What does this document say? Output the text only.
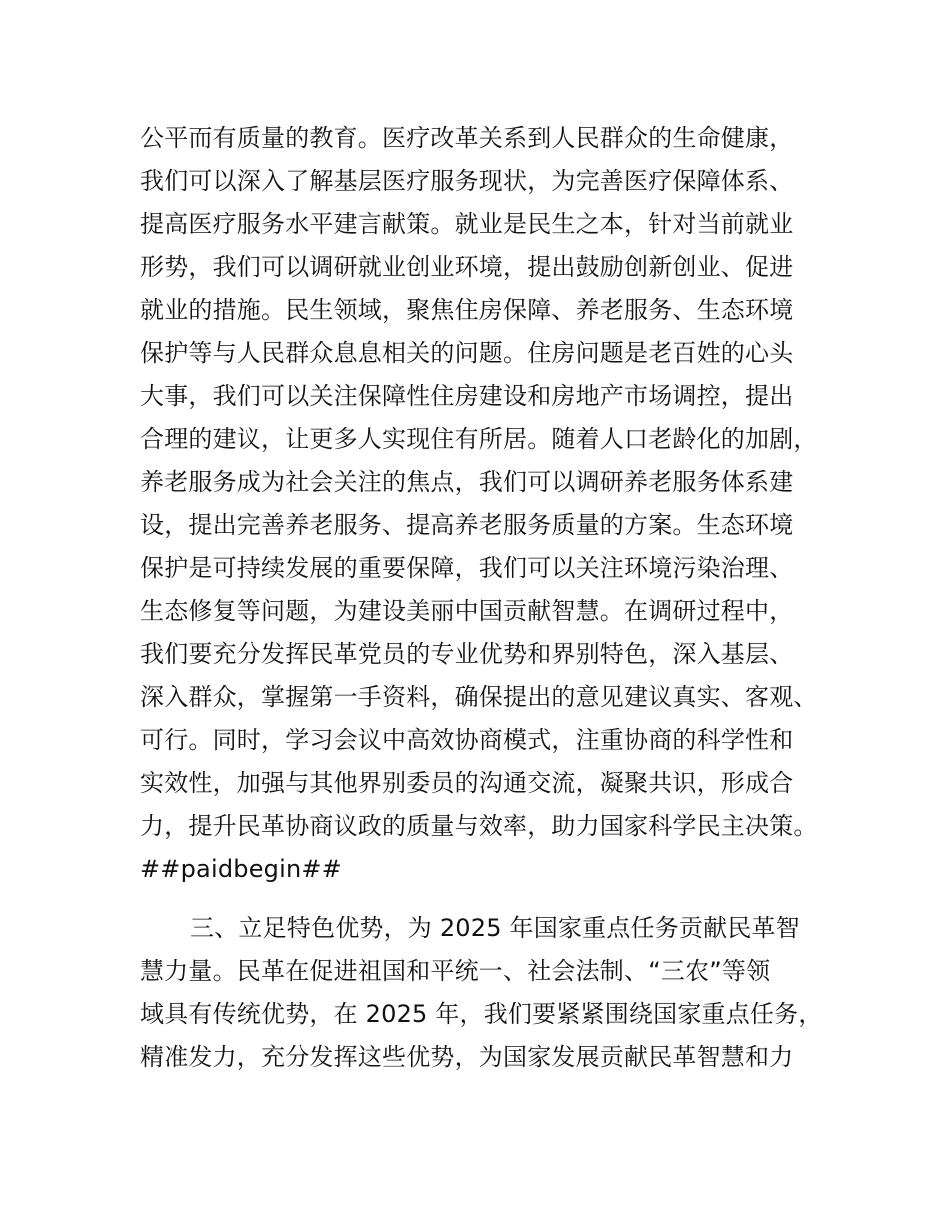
公平而有质量的教育。医疗改革关系到人民群众的生命健康，
我们可以深入了解基层医疗服务现状，为完善医疗保障体系、
提高医疗服务水平建言献策。就业是民生之本，针对当前就业
形势，我们可以调研就业创业环境，提出鼓励创新创业、促进
就业的措施。民生领域，聚焦住房保障、养老服务、生态环境
保护等与人民群众息息相关的问题。住房问题是老百姓的心头
大事，我们可以关注保障性住房建设和房地产市场调控，提出
合理的建议，让更多人实现住有所居。随着人口老龄化的加剧，
养老服务成为社会关注的焦点，我们可以调研养老服务体系建
设，提出完善养老服务、提高养老服务质量的方案。生态环境
保护是可持续发展的重要保障，我们可以关注环境污染治理、
生态修复等问题，为建设美丽中国贡献智慧。在调研过程中，
我们要充分发挥民革党员的专业优势和界别特色，深入基层、
深入群众，掌握第一手资料，确保提出的意见建议真实、客观、
可行。同时，学习会议中高效协商模式，注重协商的科学性和
实效性，加强与其他界别委员的沟通交流，凝聚共识，形成合
力，提升民革协商议政的质量与效率，助力国家科学民主决策。
##paidbegin##
三、立足特色优势，为 2025 年国家重点任务贡献民革智
慧力量。民革在促进祖国和平统一、社会法制、“三农”等领
域具有传统优势，在 2025 年，我们要紧紧围绕国家重点任务，
精准发力，充分发挥这些优势，为国家发展贡献民革智慧和力
